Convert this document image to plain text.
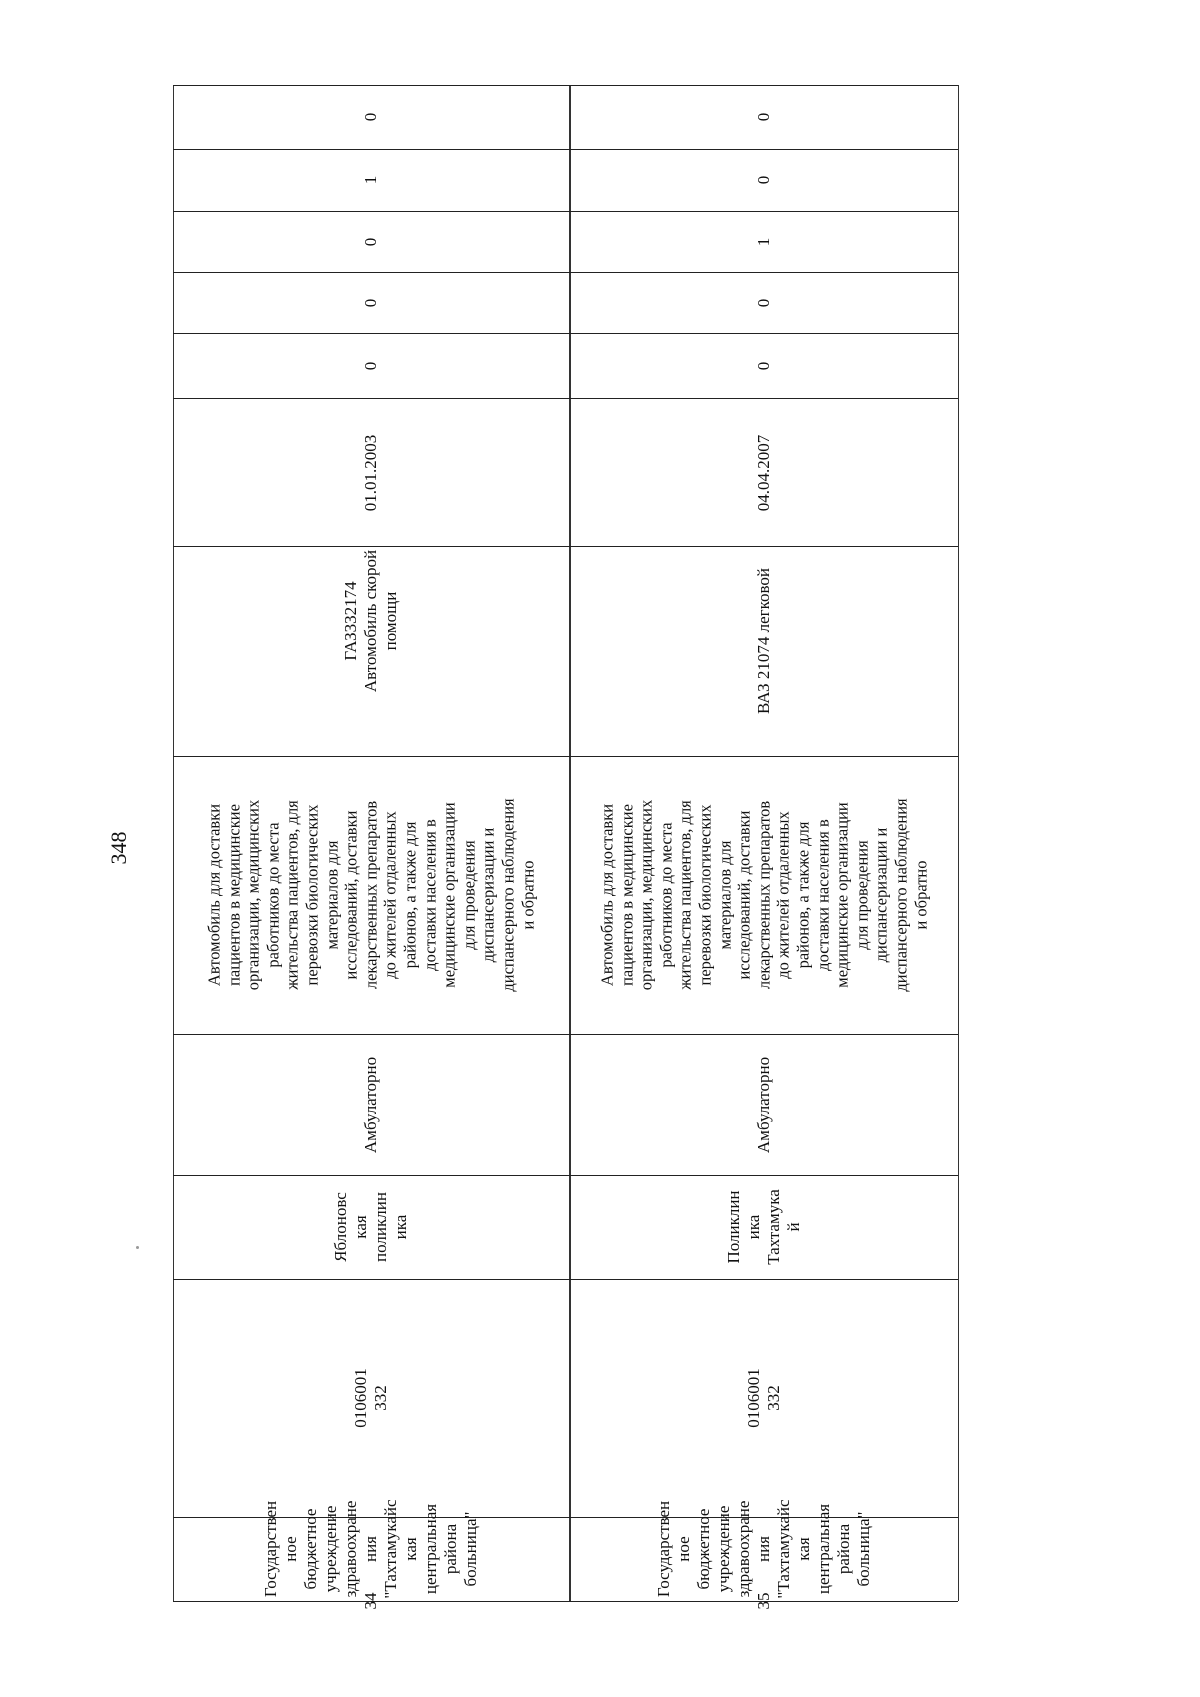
348
0
1
0
0
0
01.01.2003
ГАЗ332174
Автомобиль скорой
помощи
Автомобиль для доставки
пациентов в медицинские
организации, медицинских
работников до места
жительства пациентов, для
перевозки биологических
материалов для
исследований, доставки
лекарственных препаратов
до жителей отдаленных
районов, а также для
доставки населения в
медицинские организации
для проведения
диспансеризации и
диспансерного наблюдения
и обратно
Амбулаторно
Яблоновс
кая
поликлин
ика
0106001
332
Государствен
ное
бюджетное
учреждение
здравоохране
ния
"Тахтамукайс
кая
центральная
района
больница"
34
0
0
1
0
0
04.04.2007
ВАЗ 21074 легковой
Автомобиль для доставки
пациентов в медицинские
организации, медицинских
работников до места
жительства пациентов, для
перевозки биологических
материалов для
исследований, доставки
лекарственных препаратов
до жителей отдаленных
районов, а также для
доставки населения в
медицинские организации
для проведения
диспансеризации и
диспансерного наблюдения
и обратно
Амбулаторно
Поликлин
ика
Тахтамука
й
0106001
332
Государствен
ное
бюджетное
учреждение
здравоохране
ния
"Тахтамукайс
кая
центральная
района
больница"
35
